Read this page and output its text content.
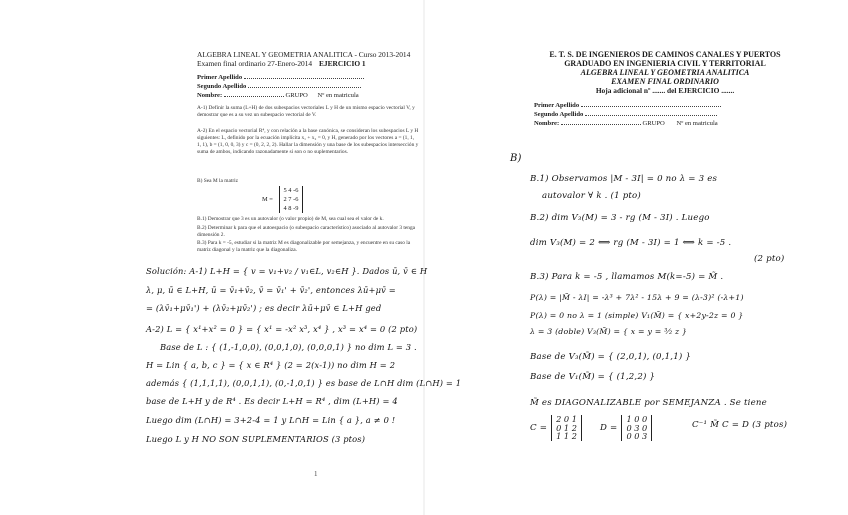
ALGEBRA LINEAL Y GEOMETRIA ANALITICA - Curso 2013-2014
Examen final ordinario 27-Enero-2014 EJERCICIO 1
Primer Apellido
Segundo Apellido
Nombre:	GRUPO Nº en matricula
A-1) Definir la suma (L+H) de dos subespacios vectoriales L y H de un mismo espacio vectorial V, y demostrar que es a su vez un subespacio vectorial de V.
A-2) En el espacio vectorial R⁴, y con relación a la base canónica, se consideran los subespacios L y H siguientes: L, definido por la ecuación implícita x₁ + x₂ = 0, y H, generado por los vectores a = (1, 1, 1, 1), b = (1, 0, 0, 3) y c = (0, 2, 2, 2). Hallar la dimensión y una base de los subespacios intersección y suma de ambos, indicando razonadamente si son o no suplementarios.
B) Sea M la matriz
M =
5 4 -6
2 7 -6
4 8 -9
B.1) Demostrar que 3 es un autovalor (o valor propio) de M, sea cual sea el valor de k.
B.2) Determinar k para que el autoespacio (o subespacio característico) asociado al autovalor 3 tenga dimensión 2.
B.3) Para k = -5, estudiar si la matriz M es diagonalizable por semejanza, y encuentre en su caso la matriz diagonal y la matriz que la diagonaliza.
Solución: A-1) L+H = { v = v₁+v₂ / v₁∈L, v₂∈H }. Dados ū, v̄ ∈ H
λ, μ, ū ∈ L+H, ū = v̄₁+v̄₂, v̄ = v̄₁' + v̄₂', entonces λū+μv̄ =
= (λv̄₁+μv̄₁') + (λv̄₂+μv̄₂') ; es decir λū+μv̄ ∈ L+H ged
A-2) L = { x¹+x² = 0 } = { x¹ = -x² x³, x⁴ } , x³ = x⁴ = 0 (2 pto)
Base de L : { (1,-1,0,0), (0,0,1,0), (0,0,0,1) } no dim L = 3 .
H = Lin { a, b, c } = { x ∈ R⁴ } (2 = 2(x-1)) no dim H = 2
además { (1,1,1,1), (0,0,1,1), (0,-1,0,1) } es base de L∩H dim (L∩H) = 1
base de L+H y de R⁴ . Es decir L+H = R⁴ , dim (L+H) = 4
Luego dim (L∩H) = 3+2-4 = 1 y L∩H = Lin { a }, a ≠ 0 !
Luego L y H NO SON SUPLEMENTARIOS (3 ptos)
1
E. T. S. DE INGENIEROS DE CAMINOS CANALES Y PUERTOS
GRADUADO EN INGENIERIA CIVIL Y TERRITORIAL
ALGEBRA LINEAL Y GEOMETRIA ANALITICA
EXAMEN FINAL ORDINARIO
Hoja adicional nº ....... del EJERCICIO .......
Primer Apellido
Segundo Apellido
Nombre:	GRUPO Nº en matricula
B)
B.1) Observamos |M - 3I| = 0 no λ = 3 es
autovalor ∀ k . (1 pto)
B.2) dim V₃(M) = 3 - rg (M - 3I) . Luego
dim V₃(M) = 2 ⟺ rg (M - 3I) = 1 ⟺ k = -5 .
(2 pto)
B.3) Para k = -5 , llamamos M(k=-5) = M̃ .
P(λ) = |M̃ - λI| = -λ³ + 7λ² - 15λ + 9 = (λ-3)² (-λ+1)
P(λ) = 0 no λ = 1 (simple) V₁(M̃) = { x+2y-2z = 0 }
λ = 3 (doble) V₃(M̃) = { x = y = ³⁄₂ z }
Base de V₃(M̃) = { (2,0,1), (0,1,1) }
Base de V₁(M̃) = { (1,2,2) }
M̃ es DIAGONALIZABLE por SEMEJANZA . Se tiene
C =
2 0 1
0 1 2
1 1 2
D =
1 0 0
0 3 0
0 0 3
C⁻¹ M̃ C = D (3 ptos)
